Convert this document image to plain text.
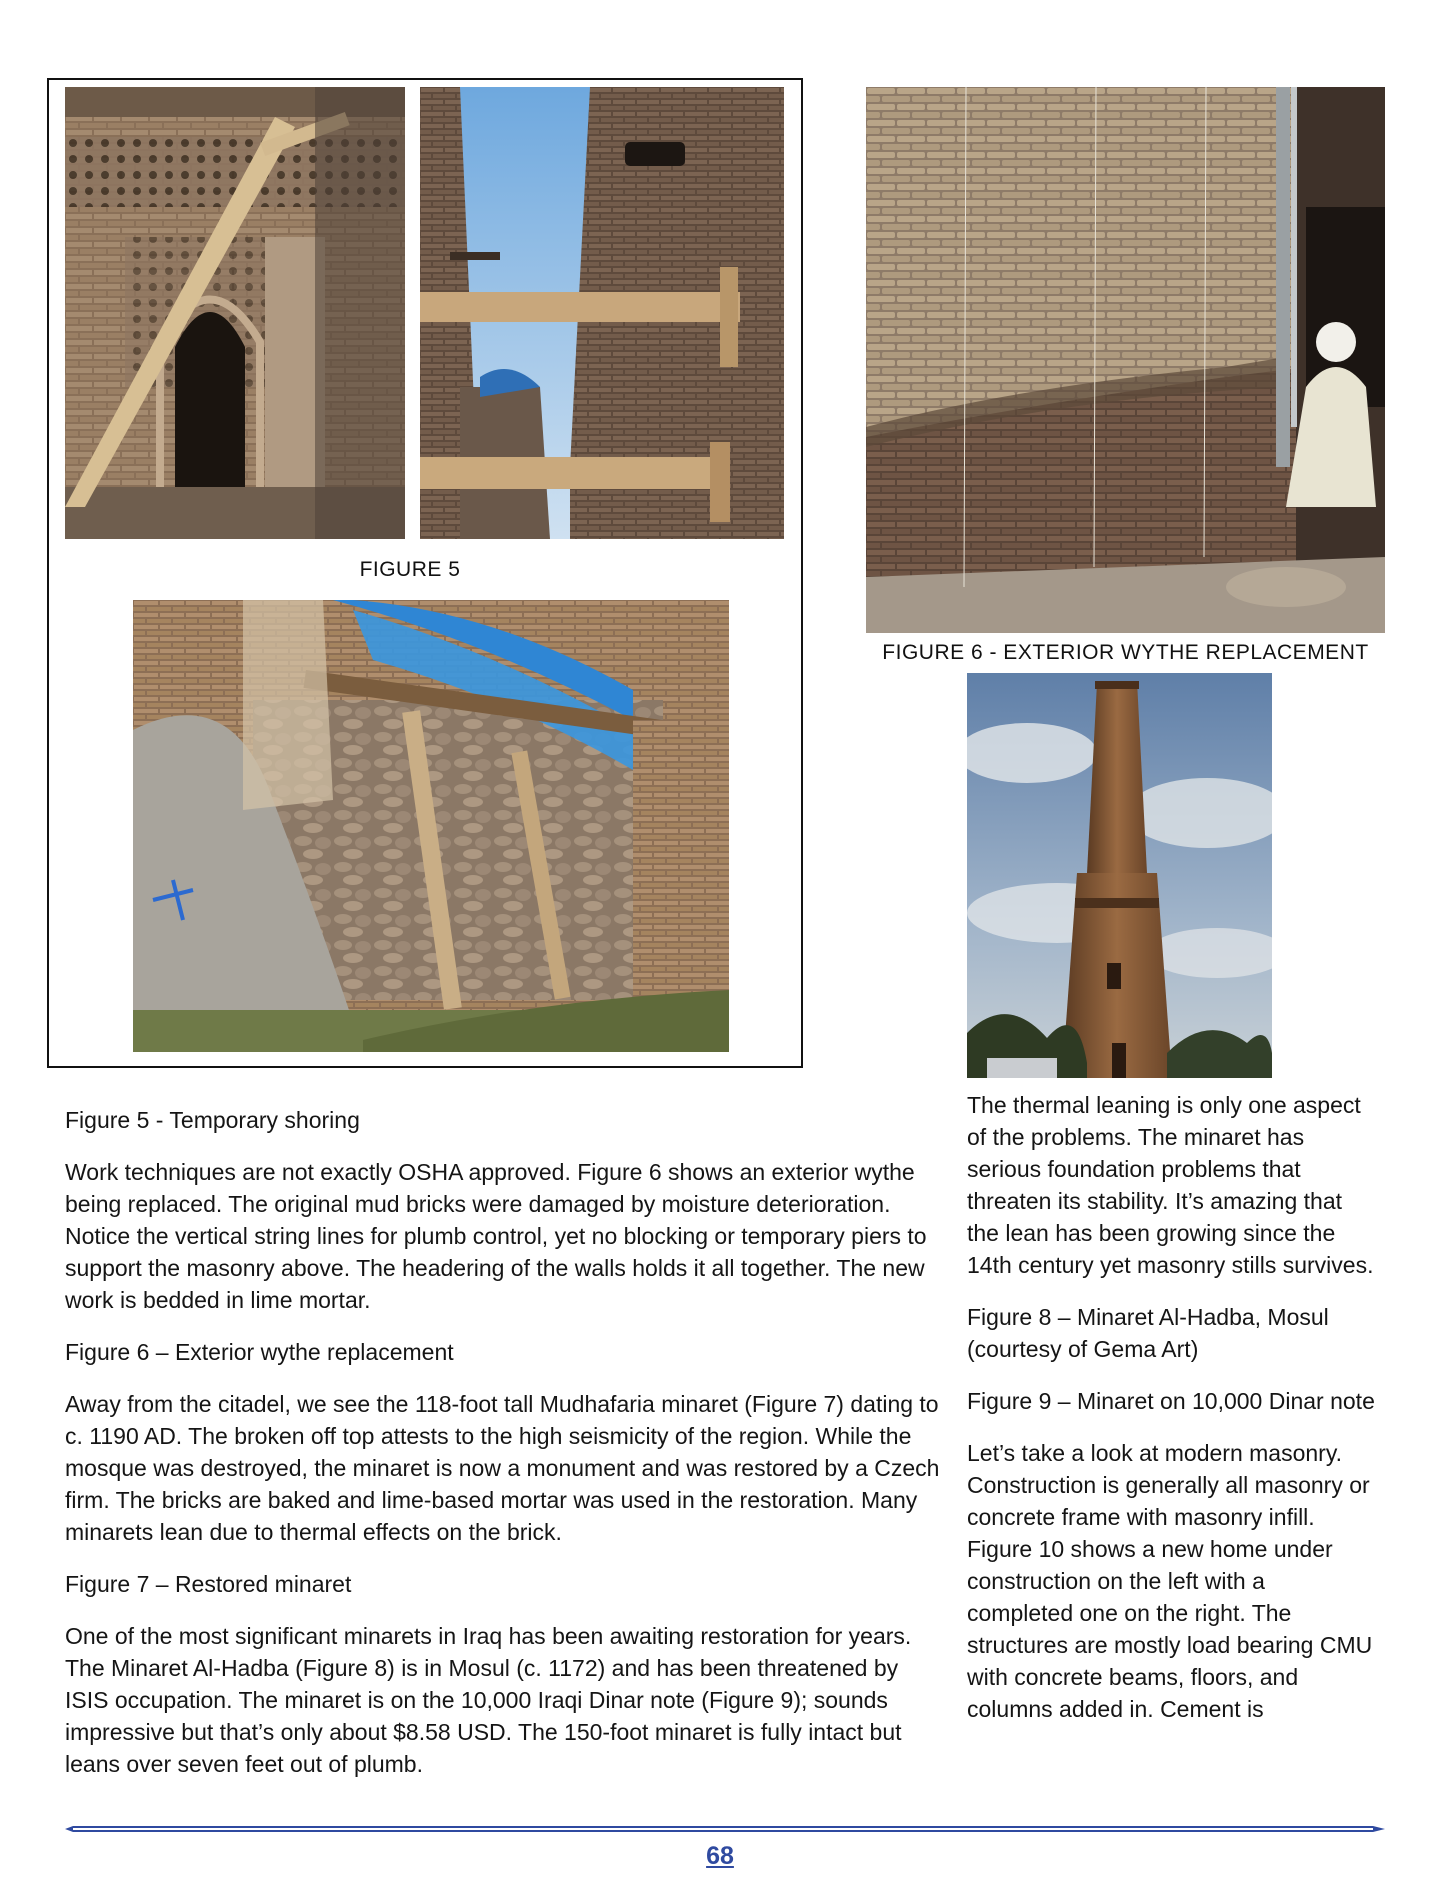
FIGURE 5
FIGURE 6 - EXTERIOR WYTHE REPLACEMENT

Figure 5 - Temporary shoring

Work techniques are not exactly OSHA approved. Figure 6 shows an exterior wythe being replaced. The original mud bricks were damaged by moisture deterioration. Notice the vertical string lines for plumb control, yet no blocking or temporary piers to support the masonry above. The headering of the walls holds it all together. The new work is bedded in lime mortar.

Figure 6 – Exterior wythe replacement

Away from the citadel, we see the 118-foot tall Mudhafaria minaret (Figure 7) dating to c. 1190 AD. The broken off top attests to the high seismicity of the region. While the mosque was destroyed, the minaret is now a monument and was restored by a Czech firm. The bricks are baked and lime-based mortar was used in the restoration. Many minarets lean due to thermal effects on the brick.

Figure 7 – Restored minaret

One of the most significant minarets in Iraq has been awaiting restoration for years. The Minaret Al-Hadba (Figure 8) is in Mosul (c. 1172) and has been threatened by ISIS occupation. The minaret is on the 10,000 Iraqi Dinar note (Figure 9); sounds impressive but that’s only about $8.58 USD. The 150-foot minaret is fully intact but leans over seven feet out of plumb.

The thermal leaning is only one aspect of the problems. The minaret has serious foundation problems that threaten its stability. It’s amazing that the lean has been growing since the 14th century yet masonry stills survives.

Figure 8 – Minaret Al-Hadba, Mosul (courtesy of Gema Art)

Figure 9 – Minaret on 10,000 Dinar note

Let’s take a look at modern masonry. Construction is generally all masonry or concrete frame with masonry infill. Figure 10 shows a new home under construction on the left with a completed one on the right. The structures are mostly load bearing CMU with concrete beams, floors, and columns added in. Cement is

68
